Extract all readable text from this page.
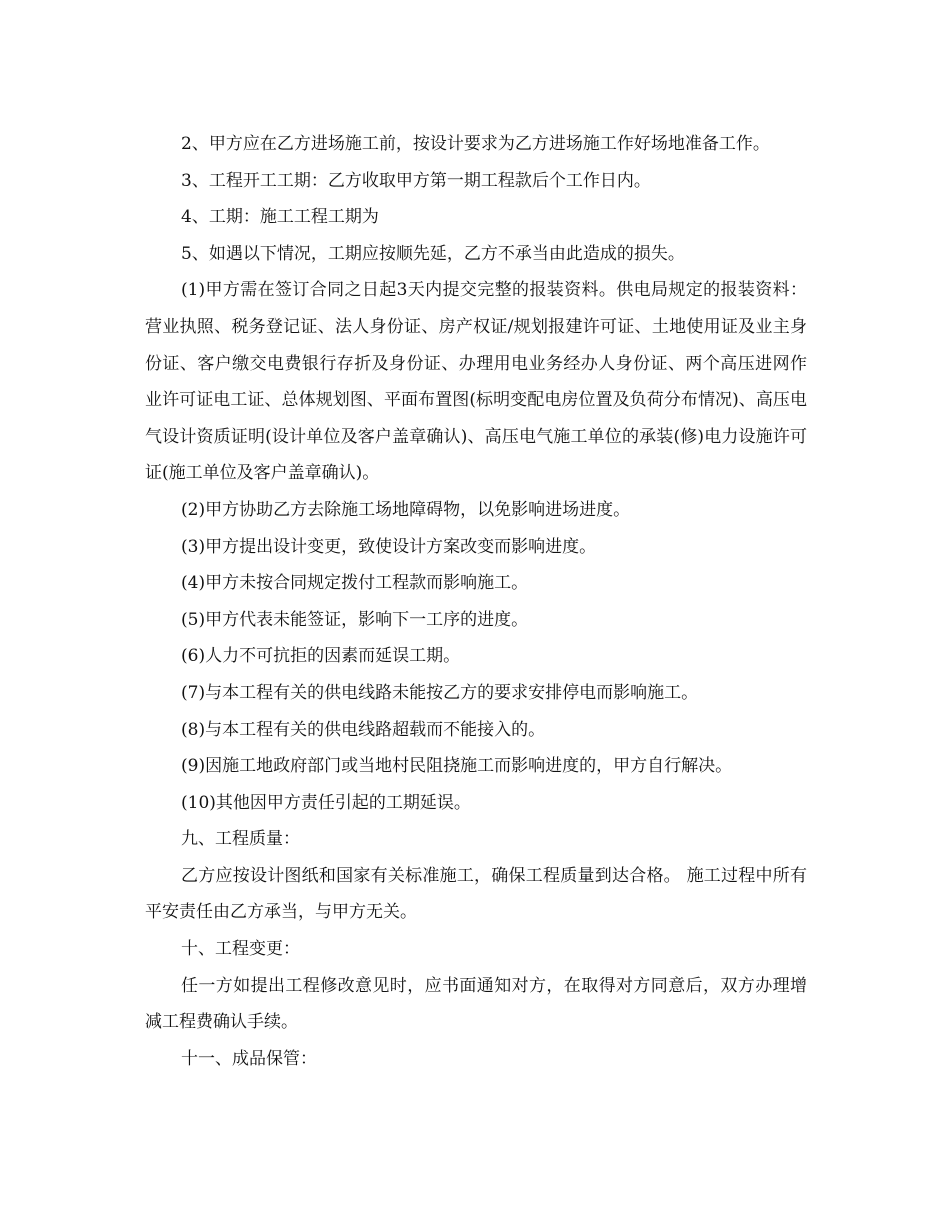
2、甲方应在乙方进场施工前，按设计要求为乙方进场施工作好场地准备工作。

3、工程开工工期：乙方收取甲方第一期工程款后个工作日内。

4、工期：施工工程工期为

5、如遇以下情况，工期应按顺先延，乙方不承当由此造成的损失。

(1)甲方需在签订合同之日起3天内提交完整的报装资料。供电局规定的报装资料：营业执照、税务登记证、法人身份证、房产权证/规划报建许可证、土地使用证及业主身份证、客户缴交电费银行存折及身份证、办理用电业务经办人身份证、两个高压进网作业许可证电工证、总体规划图、平面布置图(标明变配电房位置及负荷分布情况)、高压电气设计资质证明(设计单位及客户盖章确认)、高压电气施工单位的承装(修)电力设施许可证(施工单位及客户盖章确认)。

(2)甲方协助乙方去除施工场地障碍物，以免影响进场进度。

(3)甲方提出设计变更，致使设计方案改变而影响进度。

(4)甲方未按合同规定拨付工程款而影响施工。

(5)甲方代表未能签证，影响下一工序的进度。

(6)人力不可抗拒的因素而延误工期。

(7)与本工程有关的供电线路未能按乙方的要求安排停电而影响施工。

(8)与本工程有关的供电线路超载而不能接入的。

(9)因施工地政府部门或当地村民阻挠施工而影响进度的，甲方自行解决。

(10)其他因甲方责任引起的工期延误。

九、工程质量：

乙方应按设计图纸和国家有关标准施工，确保工程质量到达合格。 施工过程中所有平安责任由乙方承当，与甲方无关。

十、工程变更：

任一方如提出工程修改意见时，应书面通知对方，在取得对方同意后，双方办理增减工程费确认手续。

十一、成品保管：
